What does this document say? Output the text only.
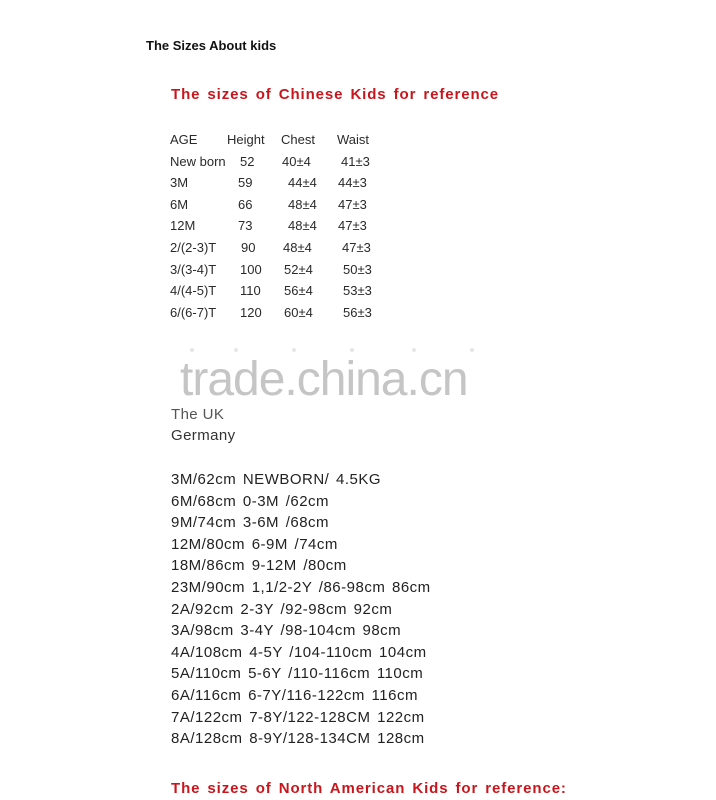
The Sizes About kids
The sizes of Chinese Kids for reference
AGE Height Chest Waist
New born 52 40±4 41±3
3M	59	44±4 44±3
6M	66	48±4 47±3
12M	73	48±4 47±3
2/(2-3)T 90 48±4 47±3
3/(3-4)T 100 52±4 50±3
4/(4-5)T 110 56±4 53±3
6/(6-7)T 120 60±4 56±3
The UK
Germany
trade.china.cn
3M/62cm NEWBORN/ 4.5KG
6M/68cm 0-3M /62cm
9M/74cm 3-6M /68cm
12M/80cm 6-9M /74cm
18M/86cm 9-12M /80cm
23M/90cm 1,1/2-2Y /86-98cm 86cm
2A/92cm 2-3Y /92-98cm 92cm
3A/98cm 3-4Y /98-104cm 98cm
4A/108cm 4-5Y /104-110cm 104cm
5A/110cm 5-6Y /110-116cm 110cm
6A/116cm 6-7Y/116-122cm 116cm
7A/122cm 7-8Y/122-128CM 122cm
8A/128cm 8-9Y/128-134CM 128cm
The sizes of North American Kids for reference:
